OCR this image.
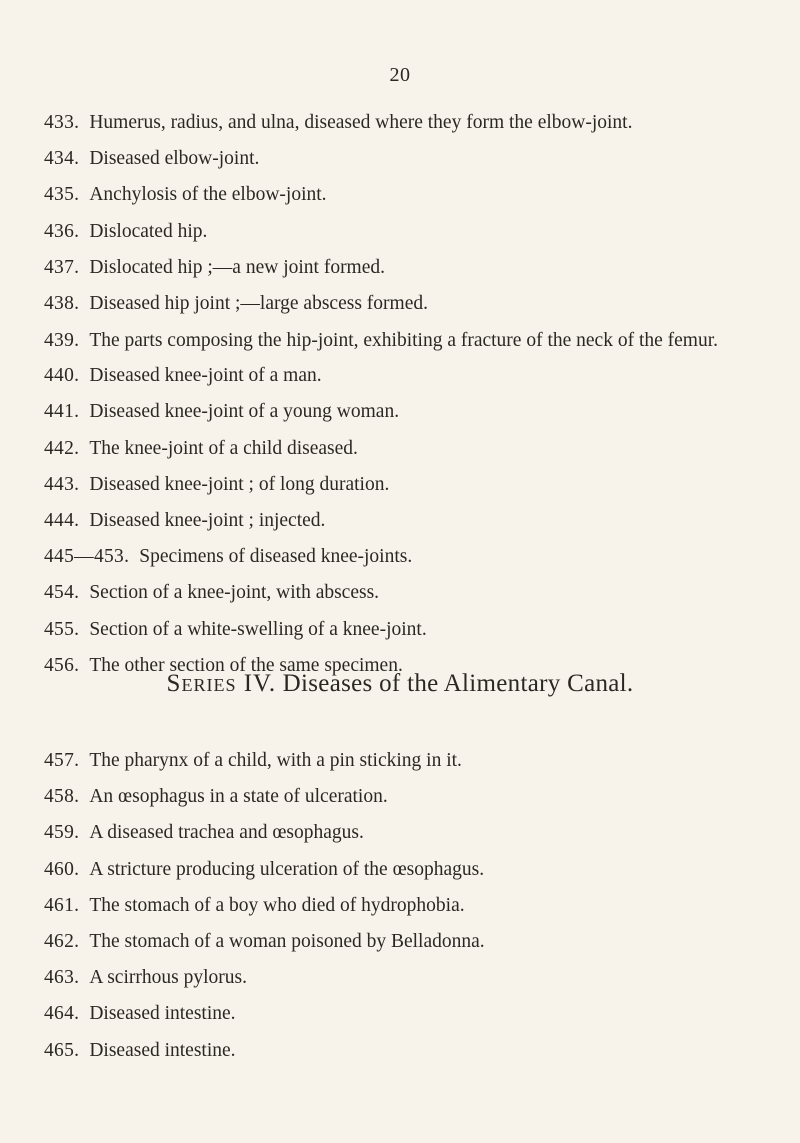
20
433. Humerus, radius, and ulna, diseased where they form the elbow-joint.
434. Diseased elbow-joint.
435. Anchylosis of the elbow-joint.
436. Dislocated hip.
437. Dislocated hip ;—a new joint formed.
438. Diseased hip joint ;—large abscess formed.
439. The parts composing the hip-joint, exhibiting a fracture of the neck of the femur.
440. Diseased knee-joint of a man.
441. Diseased knee-joint of a young woman.
442. The knee-joint of a child diseased.
443. Diseased knee-joint ; of long duration.
444. Diseased knee-joint ; injected.
445—453. Specimens of diseased knee-joints.
454. Section of a knee-joint, with abscess.
455. Section of a white-swelling of a knee-joint.
456. The other section of the same specimen.
Series IV. Diseases of the Alimentary Canal.
457. The pharynx of a child, with a pin sticking in it.
458. An œsophagus in a state of ulceration.
459. A diseased trachea and œsophagus.
460. A stricture producing ulceration of the œsophagus.
461. The stomach of a boy who died of hydrophobia.
462. The stomach of a woman poisoned by Belladonna.
463. A scirrhous pylorus.
464. Diseased intestine.
465. Diseased intestine.
